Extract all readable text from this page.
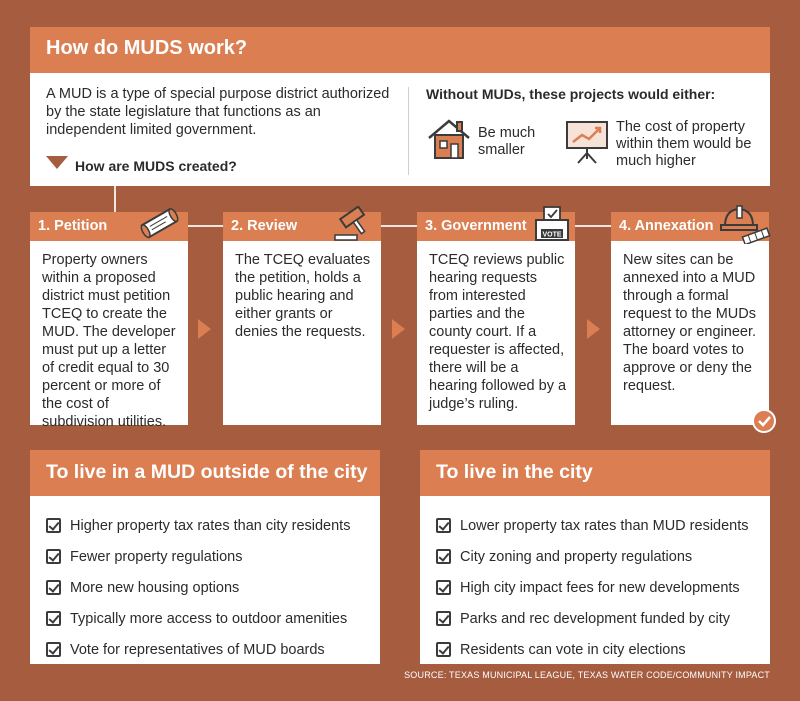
How do MUDS work?
A MUD is a type of special purpose district authorized by the state legislature that functions as an independent limited government.
Without MUDs, these projects would either:
Be much smaller
The cost of property within them would be much higher
How are MUDS created?
1. Petition
Property owners within a proposed district must petition TCEQ to create the MUD. The developer must put up a letter of credit equal to 30 percent or more of the cost of subdivision utilities.
2. Review
The TCEQ evaluates the petition, holds a public hearing and either grants or denies the requests.
3. Government
TCEQ reviews public hearing requests from interested parties and the county court. If a requester is affected, there will be a hearing followed by a judge’s ruling.
VOTE
4. Annexation
New sites can be annexed into a MUD through a formal request to the MUDs attorney or engineer. The board votes to approve or deny the request.
To live in a MUD outside of the city
Higher property tax rates than city residents
Fewer property regulations
More new housing options
Typically more access to outdoor amenities
Vote for representatives of MUD boards
To live in the city
Lower property tax rates than MUD residents
City zoning and property regulations
High city impact fees for new developments
Parks and rec development funded by city
Residents can vote in city elections
SOURCE: TEXAS MUNICIPAL LEAGUE, TEXAS WATER CODE/COMMUNITY IMPACT
